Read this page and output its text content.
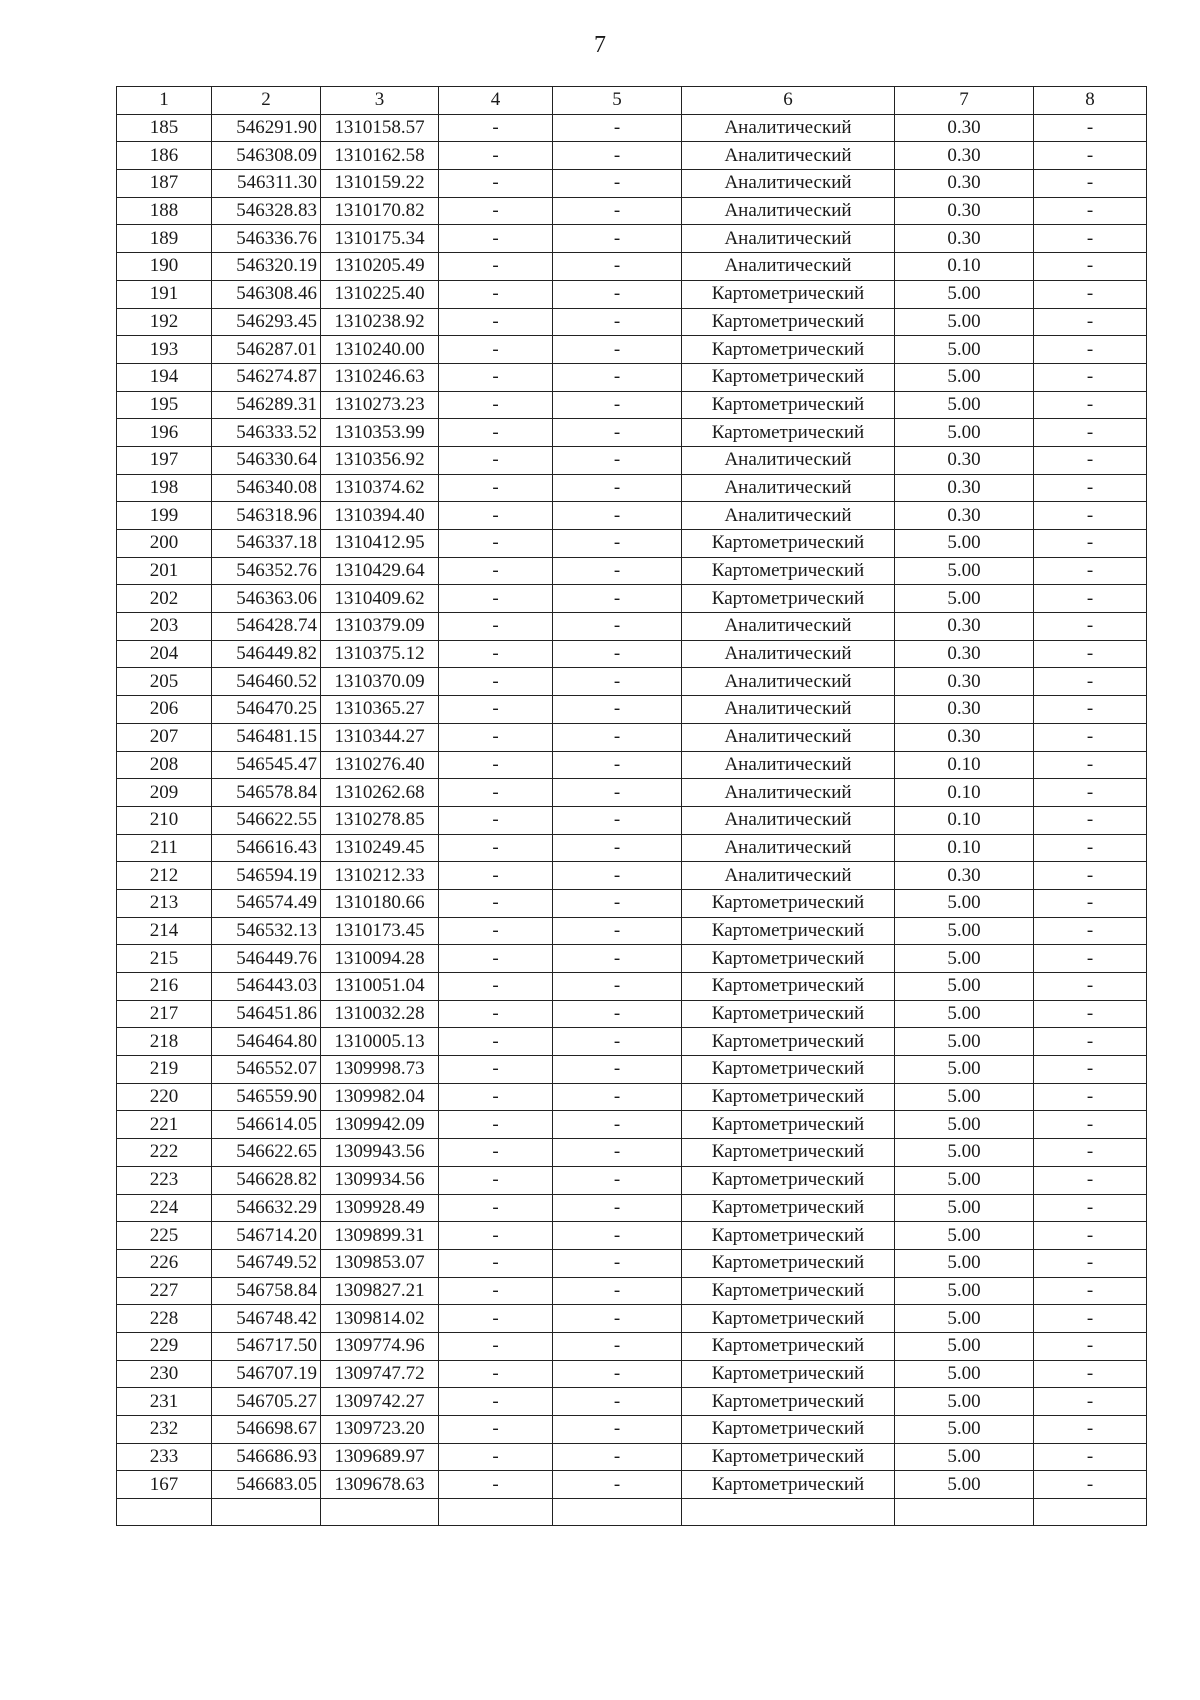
7
1	2	3	4	5	6	7	8
185	546291.90	1310158.57	-	-	Аналитический	0.30	-
186	546308.09	1310162.58	-	-	Аналитический	0.30	-
187	546311.30	1310159.22	-	-	Аналитический	0.30	-
188	546328.83	1310170.82	-	-	Аналитический	0.30	-
189	546336.76	1310175.34	-	-	Аналитический	0.30	-
190	546320.19	1310205.49	-	-	Аналитический	0.10	-
191	546308.46	1310225.40	-	-	Картометрический	5.00	-
192	546293.45	1310238.92	-	-	Картометрический	5.00	-
193	546287.01	1310240.00	-	-	Картометрический	5.00	-
194	546274.87	1310246.63	-	-	Картометрический	5.00	-
195	546289.31	1310273.23	-	-	Картометрический	5.00	-
196	546333.52	1310353.99	-	-	Картометрический	5.00	-
197	546330.64	1310356.92	-	-	Аналитический	0.30	-
198	546340.08	1310374.62	-	-	Аналитический	0.30	-
199	546318.96	1310394.40	-	-	Аналитический	0.30	-
200	546337.18	1310412.95	-	-	Картометрический	5.00	-
201	546352.76	1310429.64	-	-	Картометрический	5.00	-
202	546363.06	1310409.62	-	-	Картометрический	5.00	-
203	546428.74	1310379.09	-	-	Аналитический	0.30	-
204	546449.82	1310375.12	-	-	Аналитический	0.30	-
205	546460.52	1310370.09	-	-	Аналитический	0.30	-
206	546470.25	1310365.27	-	-	Аналитический	0.30	-
207	546481.15	1310344.27	-	-	Аналитический	0.30	-
208	546545.47	1310276.40	-	-	Аналитический	0.10	-
209	546578.84	1310262.68	-	-	Аналитический	0.10	-
210	546622.55	1310278.85	-	-	Аналитический	0.10	-
211	546616.43	1310249.45	-	-	Аналитический	0.10	-
212	546594.19	1310212.33	-	-	Аналитический	0.30	-
213	546574.49	1310180.66	-	-	Картометрический	5.00	-
214	546532.13	1310173.45	-	-	Картометрический	5.00	-
215	546449.76	1310094.28	-	-	Картометрический	5.00	-
216	546443.03	1310051.04	-	-	Картометрический	5.00	-
217	546451.86	1310032.28	-	-	Картометрический	5.00	-
218	546464.80	1310005.13	-	-	Картометрический	5.00	-
219	546552.07	1309998.73	-	-	Картометрический	5.00	-
220	546559.90	1309982.04	-	-	Картометрический	5.00	-
221	546614.05	1309942.09	-	-	Картометрический	5.00	-
222	546622.65	1309943.56	-	-	Картометрический	5.00	-
223	546628.82	1309934.56	-	-	Картометрический	5.00	-
224	546632.29	1309928.49	-	-	Картометрический	5.00	-
225	546714.20	1309899.31	-	-	Картометрический	5.00	-
226	546749.52	1309853.07	-	-	Картометрический	5.00	-
227	546758.84	1309827.21	-	-	Картометрический	5.00	-
228	546748.42	1309814.02	-	-	Картометрический	5.00	-
229	546717.50	1309774.96	-	-	Картометрический	5.00	-
230	546707.19	1309747.72	-	-	Картометрический	5.00	-
231	546705.27	1309742.27	-	-	Картометрический	5.00	-
232	546698.67	1309723.20	-	-	Картометрический	5.00	-
233	546686.93	1309689.97	-	-	Картометрический	5.00	-
167	546683.05	1309678.63	-	-	Картометрический	5.00	-
